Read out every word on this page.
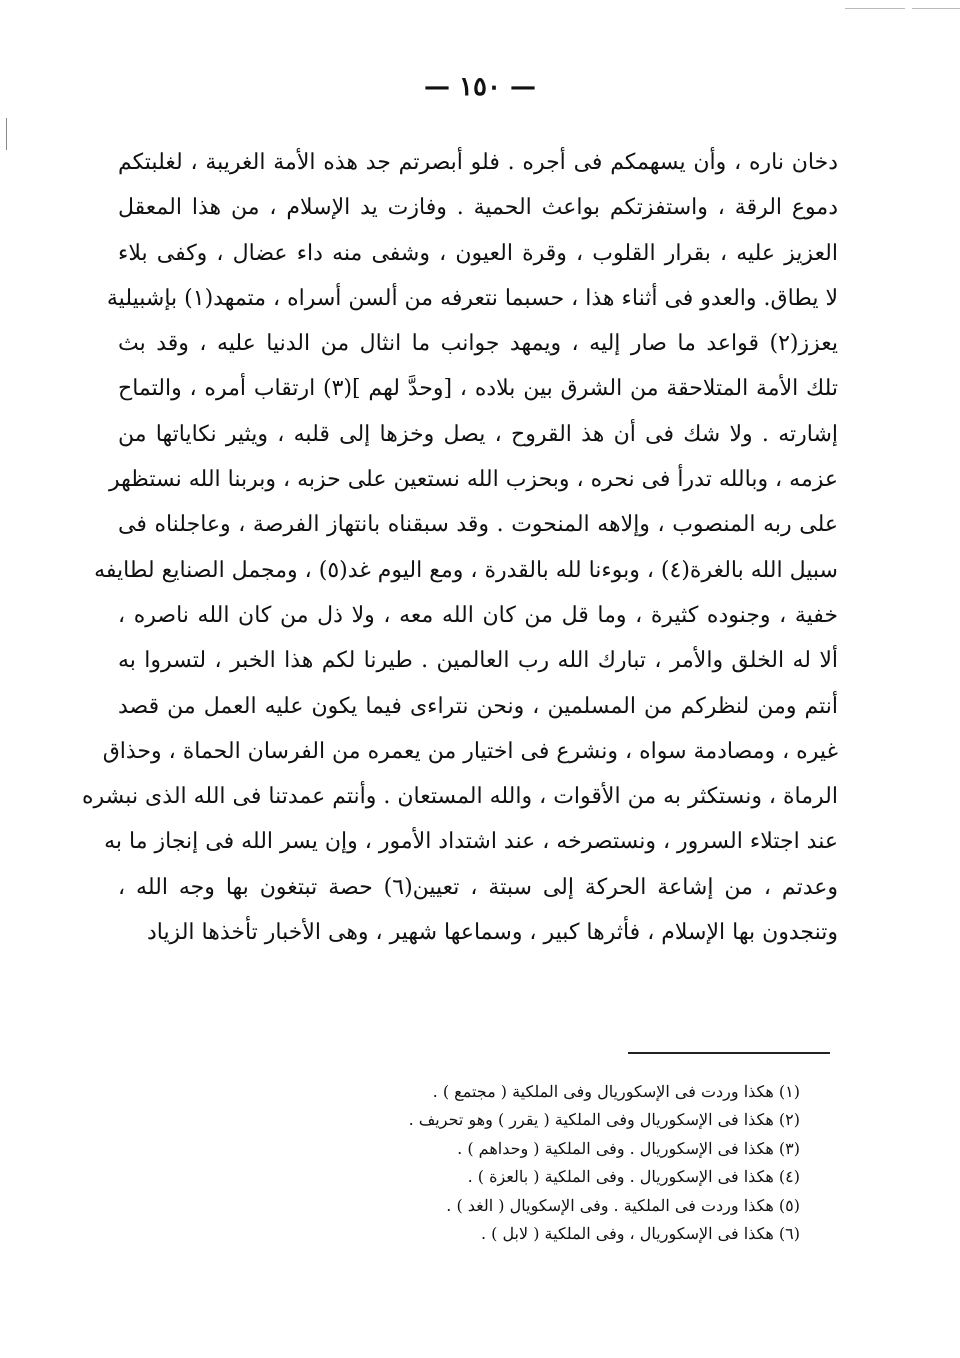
— ١٥٠ —
دخان ناره ، وأن يسهمكم فى أجره . فلو أبصرتم جد هذه الأمة الغريبة ، لغلبتكم
دموع الرقة ، واستفزتكم بواعث الحمية . وفازت يد الإسلام ، من هذا المعقل
العزيز عليه ، بقرار القلوب ، وقرة العيون ، وشفى منه داء عضال ، وكفى بلاء
لا يطاق. والعدو فى أثناء هذا ، حسبما نتعرفه من ألسن أسراه ، متمهد(١) بإشبيلية
يعزز(٢) قواعد ما صار إليه ، ويمهد جوانب ما انثال من الدنيا عليه ، وقد بث
تلك الأمة المتلاحقة من الشرق بين بلاده ، [وحدَّ لهم ](٣) ارتقاب أمره ، والتماح
إشارته . ولا شك فى أن هذ القروح ، يصل وخزها إلى قلبه ، ويثير نكاياتها من
عزمه ، وبالله تدرأ فى نحره ، وبحزب الله نستعين على حزبه ، وبربنا الله نستظهر
على ربه المنصوب ، وإلاهه المنحوت . وقد سبقناه بانتهاز الفرصة ، وعاجلناه فى
سبيل الله بالغرة(٤) ، وبوءنا لله بالقدرة ، ومع اليوم غد(٥) ، ومجمل الصنايع لطايفه
خفية ، وجنوده كثيرة ، وما قل من كان الله معه ، ولا ذل من كان الله ناصره ،
ألا له الخلق والأمر ، تبارك الله رب العالمين . طيرنا لكم هذا الخبر ، لتسروا به
أنتم ومن لنظركم من المسلمين ، ونحن نتراءى فيما يكون عليه العمل من قصد
غيره ، ومصادمة سواه ، ونشرع فى اختيار من يعمره من الفرسان الحماة ، وحذاق
الرماة ، ونستكثر به من الأقوات ، والله المستعان . وأنتم عمدتنا فى الله الذى نبشره
عند اجتلاء السرور ، ونستصرخه ، عند اشتداد الأمور ، وإن يسر الله فى إنجاز ما به
وعدتم ، من إشاعة الحركة إلى سبتة ، تعيين(٦) حصة تبتغون بها وجه الله ،
وتنجدون بها الإسلام ، فأثرها كبير ، وسماعها شهير ، وهى الأخبار تأخذها الزياد
(١) هكذا وردت فى الإسكوريال وفى الملكية ( مجتمع ) .
(٢) هكذا فى الإسكوريال وفى الملكية ( يقرر ) وهو تحريف .
(٣) هكذا فى الإسكوريال . وفى الملكية ( وحداهم ) .
(٤) هكذا فى الإسكوريال . وفى الملكية ( بالعزة ) .
(٥) هكذا وردت فى الملكية . وفى الإسكويال ( الغد ) .
(٦) هكذا فى الإسكوريال ، وفى الملكية ( لابل ) .
